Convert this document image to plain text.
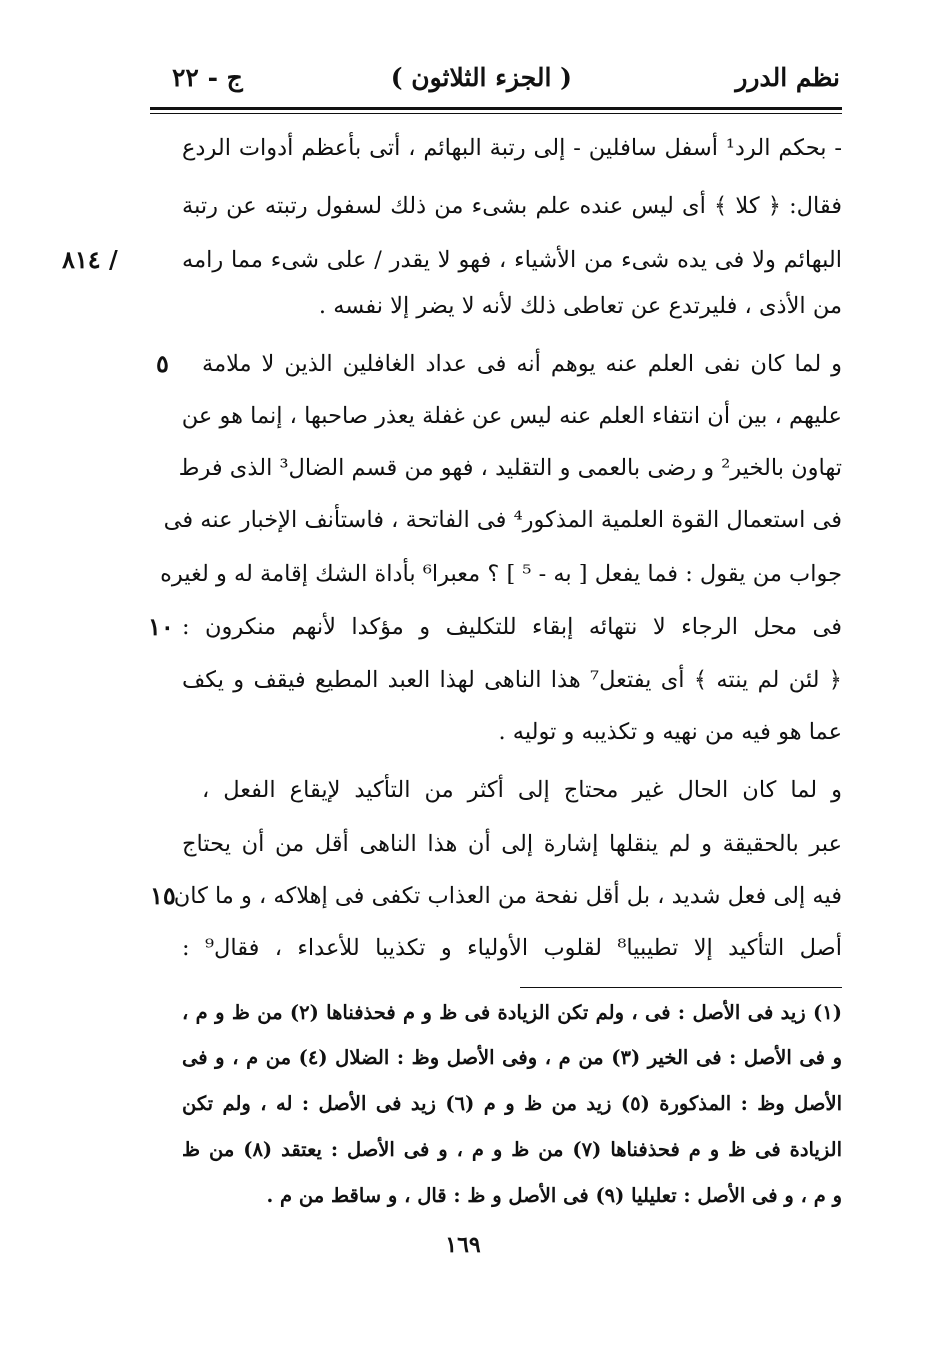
نظم الدرر
( الجزء الثلاثون )
ج - ٢٢
- بحكم الرد¹ أسفل سافلين - إلى رتبة البهائم ، أتى بأعظم أدوات الردع
فقال: ﴿ كلا ﴾ أى ليس عنده علم بشىء من ذلك لسفول رتبته عن رتبة
البهائم ولا فى يده شىء من الأشياء ، فهو لا يقدر / على شىء مما رامه
من الأذى ، فليرتدع عن تعاطى ذلك لأنه لا يضر إلا نفسه .
و لما كان نفى العلم عنه يوهم أنه فى عداد الغافلين الذين لا ملامة
عليهم ، بين أن انتفاء العلم عنه ليس عن غفلة يعذر صاحبها ، إنما هو عن
تهاون بالخير² و رضى بالعمى و التقليد ، فهو من قسم الضال³ الذى فرط
فى استعمال القوة العلمية المذكور⁴ فى الفاتحة ، فاستأنف الإخبار عنه فى
جواب من يقول : فما يفعل [ به - ⁵ ] ؟ معبرا⁶ بأداة الشك إقامة له و لغيره
فى محل الرجاء لا نتهائه إبقاء للتكليف و مؤكدا لأنهم منكرون :
﴿ لئن لم ينته ﴾ أى يفتعل⁷ هذا الناهى لهذا العبد المطيع فيقف و يكف
عما هو فيه من نهيه و تكذيبه و توليه .
و لما كان الحال غير محتاج إلى أكثر من التأكيد لإيقاع الفعل ،
عبر بالحقيقة و لم ينقلها إشارة إلى أن هذا الناهى أقل من أن يحتاج
فيه إلى فعل شديد ، بل أقل نفحة من العذاب تكفى فى إهلاكه ، و ما كان
أصل التأكيد إلا تطيبيا⁸ لقلوب الأولياء و تكذيبا للأعداء ، فقال⁹ :
/ ٨١٤
٥
١٠
١٥
(١) زيد فى الأصل : فى ، ولم تكن الزيادة فى ظ و م فحذفناها (٢) من ظ و م ،
و فى الأصل : فى الخير (٣) من م ، وفى الأصل وظ : الضلال (٤) من م ، و فى
الأصل وظ : المذكورة (٥) زيد من ظ و م (٦) زيد فى الأصل : له ، ولم تكن
الزيادة فى ظ و م فحذفناها (٧) من ظ و م ، و فى الأصل : يعتقد (٨) من ظ
و م ، و فى الأصل : تعليليا (٩) فى الأصل و ظ : قال ، و ساقط من م .
١٦٩
